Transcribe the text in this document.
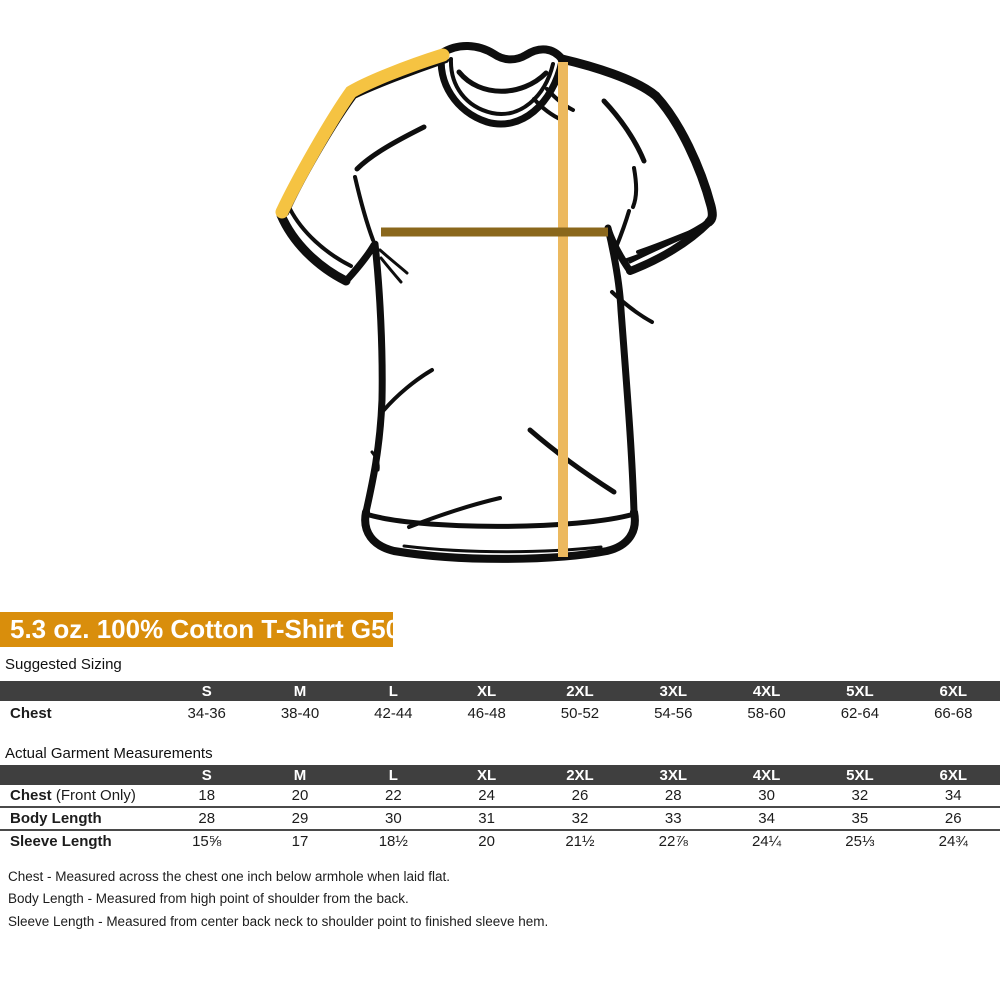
5.3 oz. 100% Cotton T-Shirt G500
Suggested Sizing
	S	M	L	XL	2XL	3XL	4XL	5XL	6XL
Chest	34-36	38-40	42-44	46-48	50-52	54-56	58-60	62-64	66-68
Actual Garment Measurements
	S	M	L	XL	2XL	3XL	4XL	5XL	6XL
Chest (Front Only)	18	20	22	24	26	28	30	32	34
Body Length	28	29	30	31	32	33	34	35	26
Sleeve Length	15⅝	17	18½	20	21½	22⅞	24¼	25⅓	24¾
Chest - Measured across the chest one inch below armhole when laid flat.
Body Length - Measured from high point of shoulder from the back.
Sleeve Length - Measured from center back neck to shoulder point to finished sleeve hem.
